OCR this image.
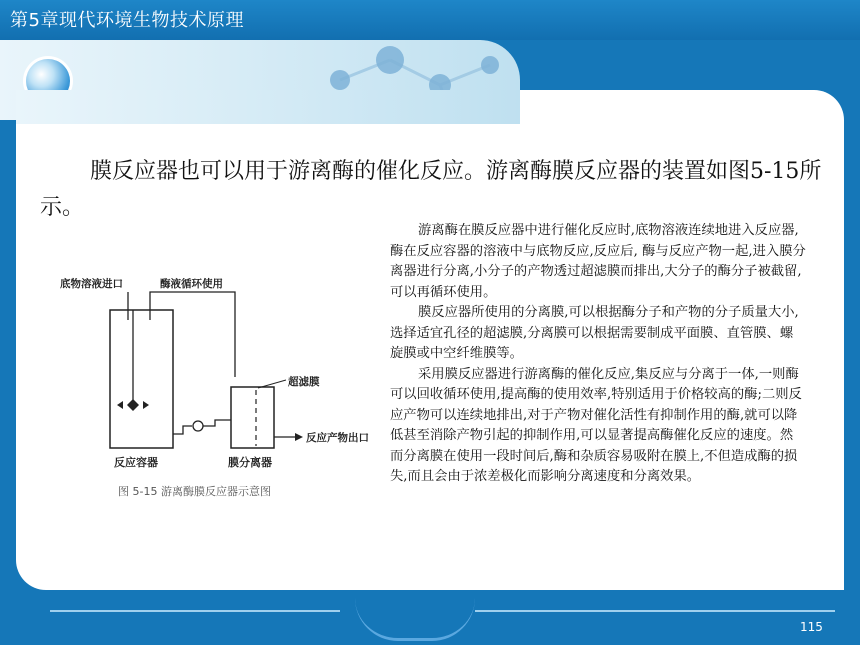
第5章现代环境生物技术原理

膜反应器也可以用于游离酶的催化反应。游离酶膜反应器的装置如图5-15所示。

底物溶液进口	酶液循环使用
超滤膜
反应产物出口
反应容器	膜分离器
图 5-15 游离酶膜反应器示意图

游离酶在膜反应器中进行催化反应时,底物溶液连续地进入反应器,酶在反应容器的溶液中与底物反应,反应后, 酶与反应产物一起,进入膜分离器进行分离,小分子的产物透过超滤膜而排出,大分子的酶分子被截留,可以再循环使用。

膜反应器所使用的分离膜,可以根据酶分子和产物的分子质量大小,选择适宜孔径的超滤膜,分离膜可以根据需要制成平面膜、直管膜、螺旋膜或中空纤维膜等。

采用膜反应器进行游离酶的催化反应,集反应与分离于一体,一则酶可以回收循环使用,提高酶的使用效率,特别适用于价格较高的酶;二则反应产物可以连续地排出,对于产物对催化活性有抑制作用的酶,就可以降低甚至消除产物引起的抑制作用,可以显著提高酶催化反应的速度。然而分离膜在使用一段时间后,酶和杂质容易吸附在膜上,不但造成酶的损失,而且会由于浓差极化而影响分离速度和分离效果。

115
